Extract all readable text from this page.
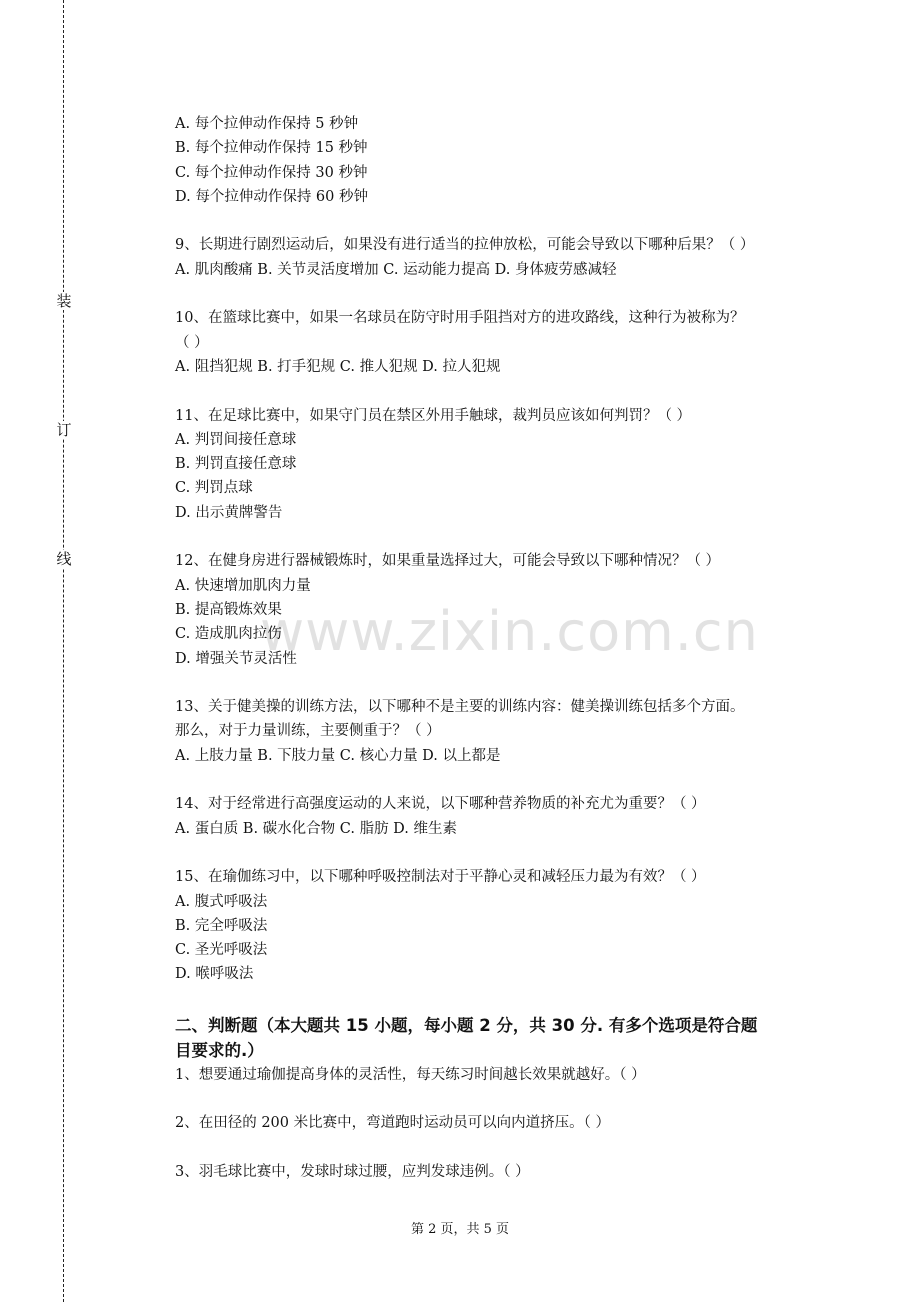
装
订
线
www.zixin.com.cn

A. 每个拉伸动作保持 5 秒钟

B. 每个拉伸动作保持 15 秒钟

C. 每个拉伸动作保持 30 秒钟

D. 每个拉伸动作保持 60 秒钟

9、长期进行剧烈运动后，如果没有进行适当的拉伸放松，可能会导致以下哪种后果？（ ）

A. 肌肉酸痛 B. 关节灵活度增加 C. 运动能力提高 D. 身体疲劳感减轻

10、在篮球比赛中，如果一名球员在防守时用手阻挡对方的进攻路线，这种行为被称为？

（ ）

A. 阻挡犯规 B. 打手犯规 C. 推人犯规 D. 拉人犯规

11、在足球比赛中，如果守门员在禁区外用手触球，裁判员应该如何判罚？（ ）

A. 判罚间接任意球

B. 判罚直接任意球

C. 判罚点球

D. 出示黄牌警告

12、在健身房进行器械锻炼时，如果重量选择过大，可能会导致以下哪种情况？（ ）

A. 快速增加肌肉力量

B. 提高锻炼效果

C. 造成肌肉拉伤

D. 增强关节灵活性

13、关于健美操的训练方法，以下哪种不是主要的训练内容：健美操训练包括多个方面。

那么，对于力量训练，主要侧重于？（ ）

A. 上肢力量 B. 下肢力量 C. 核心力量 D. 以上都是

14、对于经常进行高强度运动的人来说，以下哪种营养物质的补充尤为重要？（ ）

A. 蛋白质 B. 碳水化合物 C. 脂肪 D. 维生素

15、在瑜伽练习中，以下哪种呼吸控制法对于平静心灵和减轻压力最为有效？（ ）

A. 腹式呼吸法

B. 完全呼吸法

C. 圣光呼吸法

D. 喉呼吸法

二、判断题（本大题共 15 小题，每小题 2 分，共 30 分. 有多个选项是符合题

目要求的.）

1、想要通过瑜伽提高身体的灵活性，每天练习时间越长效果就越好。（ ）

2、在田径的 200 米比赛中，弯道跑时运动员可以向内道挤压。（ ）

3、羽毛球比赛中，发球时球过腰，应判发球违例。（ ）

第 2 页，共 5 页
